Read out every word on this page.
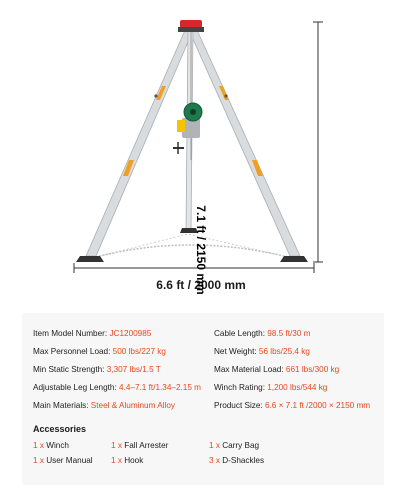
6.6 ft / 2000 mm
7.1 ft / 2150 mm
Item Model Number: JC1200985
Max Personnel Load: 500 lbs/227 kg
Min Static Strength: 3,307 lbs/1.5 T
Adjustable Leg Length: 4.4–7.1 ft/1.34–2.15 m
Main Materials: Steel & Aluminum Alloy
Cable Length: 98.5 ft/30 m
Net Weight: 56 lbs/25.4 kg
Max Material Load: 661 lbs/300 kg
Winch Rating: 1,200 lbs/544 kg
Product Size: 6.6 × 7.1 ft /2000 × 2150 mm
Accessories
1 x Winch	1 x Fall Arrester	1 x Carry Bag
1 x User Manual 1 x Hook	3 x D-Shackles
